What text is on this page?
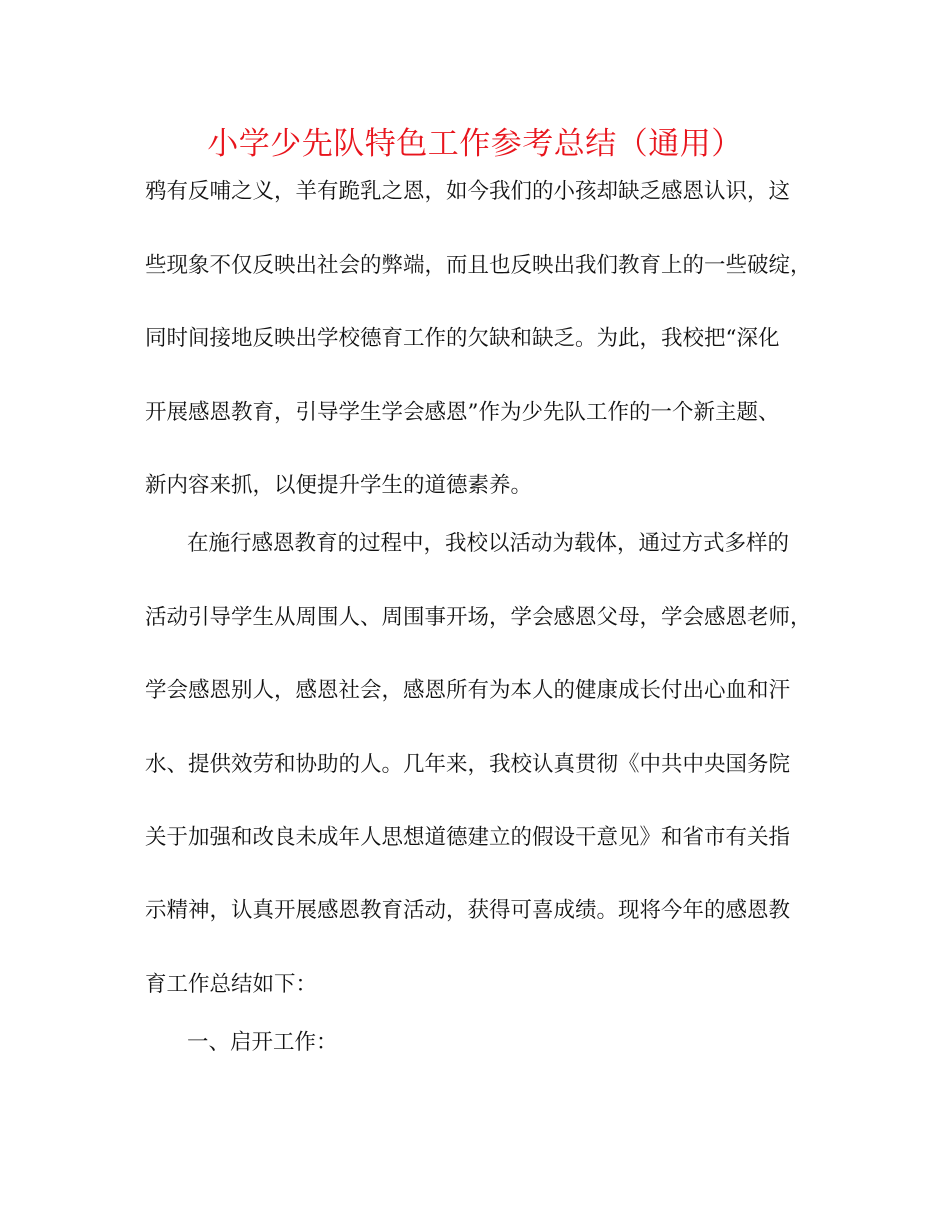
小学少先队特色工作参考总结（通用）

鸦有反哺之义，羊有跪乳之恩，如今我们的小孩却缺乏感恩认识，这

些现象不仅反映出社会的弊端，而且也反映出我们教育上的一些破绽，

同时间接地反映出学校德育工作的欠缺和缺乏。为此，我校把“深化

开展感恩教育，引导学生学会感恩”作为少先队工作的一个新主题、

新内容来抓，以便提升学生的道德素养。

在施行感恩教育的过程中，我校以活动为载体，通过方式多样的

活动引导学生从周围人、周围事开场，学会感恩父母，学会感恩老师，

学会感恩别人，感恩社会，感恩所有为本人的健康成长付出心血和汗

水、提供效劳和协助的人。几年来，我校认真贯彻《中共中央国务院

关于加强和改良未成年人思想道德建立的假设干意见》和省市有关指

示精神，认真开展感恩教育活动，获得可喜成绩。现将今年的感恩教

育工作总结如下：

一、启开工作：
